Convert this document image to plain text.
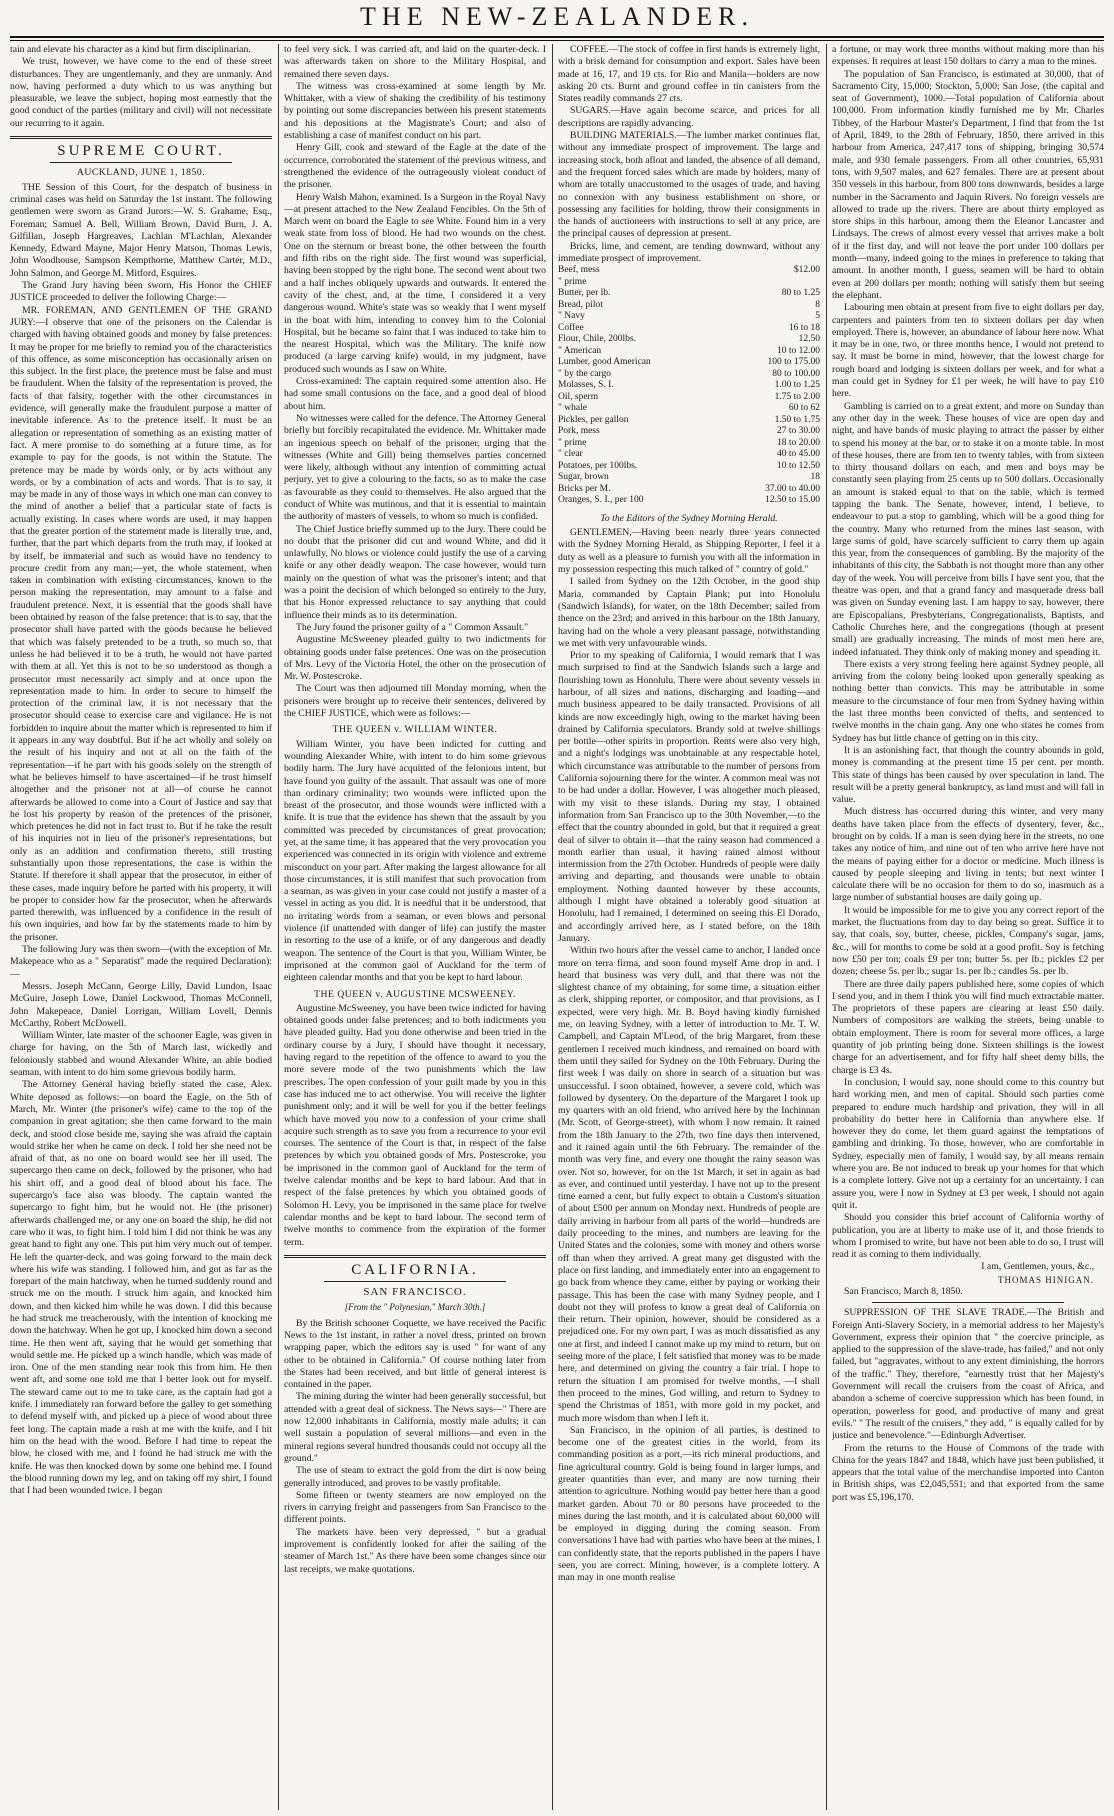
THE NEW-ZEALANDER.

tain and elevate his character as a kind but firm disciplinarian.

We trust, however, we have come to the end of these street disturbances. They are ungentlemanly, and they are unmanly. And now, having performed a duty which to us was anything but pleasurable, we leave the subject, hoping most earnestly that the good conduct of the parties (military and civil) will not necessitate our recurring to it again.

SUPREME COURT.
AUCKLAND, JUNE 1, 1850.

THE Session of this Court, for the despatch of business in criminal cases was held on Saturday the 1st instant. The following gentlemen were sworn as Grand Jurors:—W. S. Grahame, Esq., Foreman; Samuel A. Bell, William Brown, David Burn, J. A. Gilfillan, Joseph Hargreaves, Lachlan M'Lachlan, Alexander Kennedy, Edward Mayne, Major Henry Matson, Thomas Lewis, John Woodhouse, Sampson Kempthorne, Matthew Carter, M.D., John Salmon, and George M. Mitford, Esquires.

The Grand Jury having been sworn, His Honor the CHIEF JUSTICE proceeded to deliver the following Charge:—

MR. FOREMAN, AND GENTLEMEN OF THE GRAND JURY:—I observe that one of the prisoners on the Calendar is charged with having obtained goods and money by false pretences. It may be proper for me briefly to remind you of the characteristics of this offence, as some misconception has occasionally arisen on this subject. In the first place, the pretence must be false and must be fraudulent. When the falsity of the representation is proved, the facts of that falsity, together with the other circumstances in evidence, will generally make the fraudulent purpose a matter of inevitable inference. As to the pretence itself. It must be an allegation or representation of something as an existing matter of fact. A mere promise to do something at a future time, as for example to pay for the goods, is not within the Statute. The pretence may be made by words only, or by acts without any words, or by a combination of acts and words. That is to say, it may be made in any of those ways in which one man can convey to the mind of another a belief that a particular state of facts is actually existing. In cases where words are used, it may happen that the greater portion of the statement made is literally true, and, further, that the part which departs from the truth may, if looked at by itself, be immaterial and such as would have no tendency to procure credit from any man;—yet, the whole statement, when taken in combination with existing circumstances, known to the person making the representation, may amount to a false and fraudulent pretence. Next, it is essential that the goods shall have been obtained by reason of the false pretence: that is to say, that the prosecutor shall have parted with the goods because he believed that which was falsely pretended to be a truth, so much so, that unless he had believed it to be a truth, he would not have parted with them at all. Yet this is not to be so understood as though a prosecutor must necessarily act simply and at once upon the representation made to him. In order to secure to himself the protection of the criminal law, it is not necessary that the prosecutor should cease to exercise care and vigilance. He is not forbidden to inquire about the matter which is represented to him if it appears in any way doubtful. But if he act wholly and solely on the result of his inquiry and not at all on the faith of the representation—if he part with his goods solely on the strength of what he believes himself to have ascertained—if he trust himself altogether and the prisoner not at all—of course he cannot afterwards be allowed to come into a Court of Justice and say that he lost his property by reason of the pretences of the prisoner, which pretences he did not in fact trust to. But if he take the result of his inquiries not in lieu of the prisoner's representations, but only as an addition and confirmation thereto, still trusting substantially upon those representations, the case is within the Statute. If therefore it shall appear that the prosecutor, in either of these cases, made inquiry before he parted with his property, it will be proper to consider how far the prosecutor, when he afterwards parted therewith, was influenced by a confidence in the result of his own inquiries, and how far by the statements made to him by the prisoner.

The following Jury was then sworn—(with the exception of Mr. Makepeace who as a " Separatist" made the required Declaration):—

Messrs. Joseph McCann, George Lilly, David Lundon, Isaac McGuire, Joseph Lowe, Daniel Lockwood, Thomas McConnell, John Makepeace, Daniel Lorrigan, William Lovell, Dennis McCarthy, Robert McDowell.

William Winter, late master of the schooner Eagle, was given in charge for having, on the 5th of March last, wickedly and feloniously stabbed and wound Alexander White, an able bodied seaman, with intent to do him some grievous bodily harm.

The Attorney General having briefly stated the case, Alex. White deposed as follows:—on board the Eagle, on the 5th of March, Mr. Winter (the prisoner's wife) came to the top of the companion in great agitation; she then came forward to the main deck, and stood close beside me, saying she was afraid the captain would strike her when he came on deck. I told her she need not be afraid of that, as no one on board would see her ill used. The supercargo then came on deck, followed by the prisoner, who had his shirt off, and a good deal of blood about his face. The supercargo's face also was bloody. The captain wanted the supercargo to fight him, but he would not. He (the prisoner) afterwards challenged me, or any one on board the ship, he did not care who it was, to fight him. I told him I did not think he was any great hand to fight any one. This put him very much out of temper. He left the quarter-deck, and was going forward to the main deck where his wife was standing. I followed him, and got as far as the forepart of the main hatchway, when he turned suddenly round and struck me on the mouth. I struck him again, and knocked him down, and then kicked him while he was down. I did this because he had struck me treacherously, with the intention of knocking me down the hatchway. When he got up, I knocked him down a second time. He then went aft, saying that he would get something that would settle me. He picked up a winch handle, which was made of iron. One of the men standing near took this from him. He then went aft, and some one told me that I better look out for myself. The steward came out to me to take care, as the captain had got a knife. I immediately ran forward before the galley to get something to defend myself with, and picked up a piece of wood about three feet long. The captain made a rush at me with the knife, and I hit him on the head with the wood. Before I had time to repeat the blow, he closed with me, and I found he had struck me with the knife. He was then knocked down by some one behind me. I found the blood running down my leg, and on taking off my shirt, I found that I had been wounded twice. I began

to feel very sick. I was carried aft, and laid on the quarter-deck. I was afterwards taken on shore to the Military Hospital, and remained there seven days.

The witness was cross-examined at some length by Mr. Whittaker, with a view of shaking the credibility of his testimony by pointing out some discrepancies between his present statements and his depositions at the Magistrate's Court; and also of establishing a case of manifest conduct on his part.

Henry Gill, cook and steward of the Eagle at the date of the occurrence, corroborated the statement of the previous witness, and strengthened the evidence of the outrageously violent conduct of the prisoner.

Henry Walsh Mahon, examined. Is a Surgeon in the Royal Navy—at present attached to the New Zealand Fencibles. On the 5th of March went on board the Eagle to see White. Found him in a very weak state from loss of blood. He had two wounds on the chest. One on the sternum or breast bone, the other between the fourth and fifth ribs on the right side. The first wound was superficial, having been stopped by the right bone. The second went about two and a half inches obliquely upwards and outwards. It entered the cavity of the chest, and, at the time, I considered it a very dangerous wound. White's state was so weakly that I went myself in the boat with him, intending to convey him to the Colonial Hospital, but he became so faint that I was induced to take him to the nearest Hospital, which was the Military. The knife now produced (a large carving knife) would, in my judgment, have produced such wounds as I saw on White.

Cross-examined: The captain required some attention also. He had some small contusions on the face, and a good deal of blood about him.

No witnesses were called for the defence. The Attorney General briefly but forcibly recapitulated the evidence. Mr. Whittaker made an ingenious speech on behalf of the prisoner, urging that the witnesses (White and Gill) being themselves parties concerned were likely, although without any intention of committing actual perjury, yet to give a colouring to the facts, so as to make the case as favourable as they could to themselves. He also argued that the conduct of White was mutinous, and that it is essential to maintain the authority of masters of vessels, to whom so much is confided.

The Chief Justice briefly summed up to the Jury. There could be no doubt that the prisoner did cut and wound White, and did it unlawfully. No blows or violence could justify the use of a carving knife or any other deadly weapon. The case however, would turn mainly on the question of what was the prisoner's intent; and that was a point the decision of which belonged so entirely to the Jury, that his Honor expressed reluctance to say anything that could influence their minds as to its determination.

The Jury found the prisoner guilty of a " Common Assault."

Augustine McSweeney pleaded guilty to two indictments for obtaining goods under false pretences. One was on the prosecution of Mrs. Levy of the Victoria Hotel, the other on the prosecution of Mr. W. Postescroke.

The Court was then adjourned till Monday morning, when the prisoners were brought up to receive their sentences, delivered by the CHIEF JUSTICE, which were as follows:—

THE QUEEN v. WILLIAM WINTER.

William Winter, you have been indicted for cutting and wounding Alexander White, with intent to do him some grievous bodily harm. The Jury have acquitted of the felonious intent, but have found you guilty of the assault. That assault was one of more than ordinary criminality; two wounds were inflicted upon the breast of the prosecutor, and those wounds were inflicted with a knife. It is true that the evidence has shewn that the assault by you committed was preceded by circumstances of great provocation; yet, at the same time, it has appeared that the very provocation you experienced was connected in its origin with violence and extreme misconduct on your part. After making the largest allowance for all those circumstances, it is still manifest that such provocation from a seaman, as was given in your case could not justify a master of a vessel in acting as you did. It is needful that it be understood, that no irritating words from a seaman, or even blows and personal violence (if unattended with danger of life) can justify the master in resorting to the use of a knife, or of any dangerous and deadly weapon. The sentence of the Court is that you, William Winter, be imprisoned at the common gaol of Auckland for the term of eighteen calendar months and that you be kept to hard labour.

THE QUEEN v. AUGUSTINE MCSWEENEY.

Augustine McSweeney, you have been twice indicted for having obtained goods under false pretences; and to both indictments you have pleaded guilty. Had you done otherwise and been tried in the ordinary course by a Jury, I should have thought it necessary, having regard to the repetition of the offence to award to you the more severe mode of the two punishments which the law prescribes. The open confession of your guilt made by you in this case has induced me to act otherwise. You will receive the lighter punishment only; and it will be well for you if the better feelings which have moved you now to a confession of your crime shall acquire such strength as to save you from a recurrence to your evil courses. The sentence of the Court is that, in respect of the false pretences by which you obtained goods of Mrs. Postescroke, you be imprisoned in the common gaol of Auckland for the term of twelve calendar months and be kept to hard labour. And that in respect of the false pretences by which you obtained goods of Solomon H. Levy, you be imprisoned in the same place for twelve calendar months and be kept to hard labour. The second term of twelve months to commence from the expiration of the former term.

CALIFORNIA.
SAN FRANCISCO.
[From the " Polynesian," March 30th.]

By the British schooner Coquette, we have received the Pacific News to the 1st instant, in rather a novel dress, printed on brown wrapping paper, which the editors say is used " for want of any other to be obtained in California." Of course nothing later from the States had been received, and but little of general interest is contained in the paper.

The mining during the winter had been generally successful, but attended with a great deal of sickness. The News says—" There are now 12,000 inhabitants in California, mostly male adults; it can well sustain a population of several millions—and even in the mineral regions several hundred thousands could not occupy all the ground."

The use of steam to extract the gold from the dirt is now being generally introduced, and proves to be vastly profitable.

Some fifteen or twenty steamers are now employed on the rivers in carrying freight and passengers from San Francisco to the different points.

The markets have been very depressed, " but a gradual improvement is confidently looked for after the sailing of the steamer of March 1st." As there have been some changes since our last receipts, we make quotations.

COFFEE.—The stock of coffee in first hands is extremely light, with a brisk demand for consumption and export. Sales have been made at 16, 17, and 19 cts. for Rio and Manila—holders are now asking 20 cts. Burnt and ground coffee in tin canisters from the States readily commands 27 cts.

SUGARS.—Have again become scarce, and prices for all descriptions are rapidly advancing.

BUILDING MATERIALS.—The lumber market continues flat, without any immediate prospect of improvement. The large and increasing stock, both afloat and landed, the absence of all demand, and the frequent forced sales which are made by holders, many of whom are totally unaccustomed to the usages of trade, and having no connexion with any business establishment on shore, or possessing any facilities for holding, throw their consignments in the hands of auctioneers with instructions to sell at any price, are the principal causes of depression at present.

Bricks, lime, and cement, are tending downward, without any immediate prospect of improvement.

Beef, mess	$12.00
" prime	
Butter, per lb.	80 to 1.25
Bread, pilot	8
" Navy	5
Coffee	16 to 18
Flour, Chile, 200lbs.	12.50
" American	10 to 12.00
Lumber, good American	100 to 175.00
" by the cargo	80 to 100.00
Molasses, S. I.	1.00 to 1.25
Oil, sperm	1.75 to 2.00
" whale	60 to 62
Pickles, per gallon	1.50 to 1.75
Pork, mess	27 to 30.00
" prime	18 to 20.00
" clear	40 to 45.00
Potatoes, per 100lbs.	10 to 12.50
Sugar, brown	18
Bricks per M.	37.00 to 40.00
Oranges, S. I., per 100	12.50 to 15.00
To the Editors of the Sydney Morning Herald.

GENTLEMEN,—Having been nearly three years connected with the Sydney Morning Herald, as Shipping Reporter, I feel it a duty as well as a pleasure to furnish you with all the information in my possession respecting this much talked of " country of gold."

I sailed from Sydney on the 12th October, in the good ship Maria, commanded by Captain Plank; put into Honolulu (Sandwich Islands), for water, on the 18th December; sailed from thence on the 23rd; and arrived in this harbour on the 18th January, having had on the whole a very pleasant passage, notwithstanding we met with very unfavourable winds.

Prior to my speaking of California, I would remark that I was much surprised to find at the Sandwich Islands such a large and flourishing town as Honolulu. There were about seventy vessels in harbour, of all sizes and nations, discharging and loading—and much business appeared to be daily transacted. Provisions of all kinds are now exceedingly high, owing to the market having been drained by California speculators. Brandy sold at twelve shillings per bottle—other spirits in proportion. Rents were also very high, and a night's lodgings was unobtainable at any respectable hotel, which circumstance was attributable to the number of persons from California sojourning there for the winter. A common meal was not to be had under a dollar. However, I was altogether much pleased, with my visit to these islands. During my stay, I obtained information from San Francisco up to the 30th November,—to the effect that the country abounded in gold, but that it required a great deal of silver to obtain it—that the rainy season had commenced a month earlier than usual, it having rained almost without intermission from the 27th October. Hundreds of people were daily arriving and departing, and thousands were unable to obtain employment. Nothing daunted however by these accounts, although I might have obtained a tolerably good situation at Honolulu, had I remained, I determined on seeing this El Dorado, and accordingly arrived here, as I stated before, on the 18th January.

Within two hours after the vessel came to anchor, I landed once more on terra firma, and soon found myself Ame drop in and. I heard that business was very dull, and that there was not the slightest chance of my obtaining, for some time, a situation either as clerk, shipping reporter, or compositor, and that provisions, as I expected, were very high. Mr. B. Boyd having kindly furnished me, on leaving Sydney, with a letter of introduction to Mr. T. W. Campbell, and Captain M'Leod, of the brig Margaret, from these gentlemen I received much kindness, and remained on board with them until they sailed for Sydney on the 10th February. During the first week I was daily on shore in search of a situation but was unsuccessful. I soon obtained, however, a severe cold, which was followed by dysentery. On the departure of the Margaret I took up my quarters with an old friend, who arrived here by the Inchinnan (Mr. Scott, of George-street), with whom I now remain. It rained from the 18th January to the 27th, two fine days then intervened, and it rained again until the 6th February. The remainder of the month was very fine, and every one thought the rainy season was over. Not so, however, for on the 1st March, it set in again as bad as ever, and continued until yesterday. I have not up to the present time earned a cent, but fully expect to obtain a Custom's situation of about £500 per annum on Monday next. Hundreds of people are daily arriving in harbour from all parts of the world—hundreds are daily proceeding to the mines, and numbers are leaving for the United States and the colonies, some with money and others worse off than when they arrived. A great many get disgusted with the place on first landing, and immediately enter into an engagement to go back from whence they came, either by paying or working their passage. This has been the case with many Sydney people, and I doubt not they will profess to know a great deal of California on their return. Their opinion, however, should be considered as a prejudiced one. For my own part, I was as much dissatisfied as any one at first, and indeed I cannot make up my mind to return, but on seeing more of the place, I felt satisfied that money was to be made here, and determined on giving the country a fair trial. I hope to return the situation I am promised for twelve months, —I shall then proceed to the mines, God willing, and return to Sydney to spend the Christmas of 1851, with more gold in my pocket, and much more wisdom than when I left it.

San Francisco, in the opinion of all parties, is destined to become one of the greatest cities in the world, from its commanding position as a port,—its rich mineral productions, and fine agricultural country. Gold is being found in larger lumps, and greater quantities than ever, and many are now turning their attention to agriculture. Nothing would pay better here than a good market garden. About 70 or 80 persons have proceeded to the mines during the last month, and it is calculated about 60,000 will be employed in digging during the coming season. From conversations I have had with parties who have been at the mines, I can confidently state, that the reports published in the papers I have seen, you are correct. Mining, however, is a complete lottery. A man may in one month realise

a fortune, or may work three months without making more than his expenses. It requires at least 150 dollars to carry a man to the mines.

The population of San Francisco, is estimated at 30,000, that of Sacramento City, 15,000; Stockton, 5,000; San Jose, (the capital and seat of Government), 1000.—Total population of California about 100,000. From information kindly furnished me by Mr. Charles Tibbey, of the Harbour Master's Department, I find that from the 1st of April, 1849, to the 28th of February, 1850, there arrived in this harbour from America, 247,417 tons of shipping, bringing 30,574 male, and 930 female passengers. From all other countries, 65,931 tons, with 9,507 males, and 627 females. There are at present about 350 vessels in this harbour, from 800 tons downwards, besides a large number in the Sacramento and Jaquin Rivers. No foreign vessels are allowed to trade up the rivers. There are about thirty employed as store ships in this harbour, among them the Eleanor Lancaster and Lindsays. The crews of almost every vessel that arrives make a bolt of it the first day, and will not leave the port under 100 dollars per month—many, indeed going to the mines in preference to taking that amount. In another month, I guess, seamen will be hard to obtain even at 200 dollars per month; nothing will satisfy them but seeing the elephant.

Labouring men obtain at present from five to eight dollars per day, carpenters and painters from ten to sixteen dollars per day when employed. There is, however, an abundance of labour here now. What it may be in one, two, or three months hence, I would not pretend to say. It must be borne in mind, however, that the lowest charge for rough board and lodging is sixteen dollars per week, and for what a man could get in Sydney for £1 per week, he will have to pay £10 here.

Gambling is carried on to a great extent, and more on Sunday than any other day in the week. These houses of vice are open day and night, and have bands of music playing to attract the passer by either to spend his money at the bar, or to stake it on a monte table. In most of these houses, there are from ten to twenty tables, with from sixteen to thirty thousand dollars on each, and men and boys may be constantly seen playing from 25 cents up to 500 dollars. Occasionally an amount is staked equal to that on the table, which is termed tapping the bank. The Senate, however, intend, I believe, to endeavour to put a stop to gambling, which will be a good thing for the country. Many who returned from the mines last season, with large sums of gold, have scarcely sufficient to carry them up again this year, from the consequences of gambling. By the majority of the inhabitants of this city, the Sabbath is not thought more than any other day of the week. You will perceive from bills I have sent you, that the theatre was open, and that a grand fancy and masquerade dress ball was given on Sunday evening last. I am happy to say, however, there are Episcopalians, Presbyterians, Congregationalists, Baptists, and Catholic Churches here, and the congregations (though at present small) are gradually increasing. The minds of most men here are, indeed infatuated. They think only of making money and spending it.

There exists a very strong feeling here against Sydney people, all arriving from the colony being looked upon generally speaking as nothing better than convicts. This may be attributable in some measure to the circumstance of four men from Sydney having within the last three months been convicted of thefts, and sentenced to twelve months in the chain gang. Any one who states he comes from Sydney has but little chance of getting on in this city.

It is an astonishing fact, that though the country abounds in gold, money is commanding at the present time 15 per cent. per month. This state of things has been caused by over speculation in land. The result will be a pretty general bankruptcy, as land must and will fall in value.

Much distress has occurred during this winter, and very many deaths have taken place from the effects of dysentery, fever, &c., brought on by colds. If a man is seen dying here in the streets, no one takes any notice of him, and nine out of ten who arrive here have not the means of paying either for a doctor or medicine. Much illness is caused by people sleeping and living in tents; but next winter I calculate there will be no occasion for them to do so, inasmuch as a large number of substantial houses are daily going up.

It would be impossible for me to give you any correct report of the market, the fluctuations from day to day being so great. Suffice it to say, that coals, soy, butter, cheese, pickles, Company's sugar, jams, &c., will for months to come be sold at a good profit. Soy is fetching now £50 per ton; coals £9 per ton; butter 5s. per lb.; pickles £2 per dozen; cheese 5s. per lb.; sugar 1s. per lb.; candles 5s. per lb.

There are three daily papers published here, some copies of which I send you, and in them I think you will find much extractable matter. The proprietors of these papers are clearing at least £50 daily. Numbers of compositors are walking the streets, being unable to obtain employment. There is room for several more offices, a large quantity of job printing being done. Sixteen shillings is the lowest charge for an advertisement, and for fifty half sheet demy bills, the charge is £3 4s.

In conclusion, I would say, none should come to this country but hard working men, and men of capital. Should such parties come prepared to endure much hardship and privation, they will in all probability do better here in California than anywhere else. If however they do come, let them guard against the temptations of gambling and drinking. To those, however, who are comfortable in Sydney, especially men of family, I would say, by all means remain where you are. Be not induced to break up your homes for that which is a complete lottery. Give not up a certainty for an uncertainty. I can assure you, were I now in Sydney at £3 per week, I should not again quit it.

Should you consider this brief account of California worthy of publication, you are at liberty to make use of it, and those friends to whom I promised to write, but have not been able to do so, I trust will read it as coming to them individually.

I am, Gentlemen, yours, &c.,
THOMAS HINIGAN.

San Francisco, March 8, 1850.

SUPPRESSION OF THE SLAVE TRADE.—The British and Foreign Anti-Slavery Society, in a memorial address to her Majesty's Government, express their opinion that " the coercive principle, as applied to the suppression of the slave-trade, has failed," and not only failed, but "aggravates, without to any extent diminishing, the horrors of the traffic." They, therefore, "earnestly trust that her Majesty's Government will recall the cruisers from the coast of Africa, and abandon a scheme of coercive suppression which has been found, in operation, powerless for good, and productive of many and great evils." " The result of the cruisers," they add, " is equally called for by justice and benevolence."—Edinburgh Advertiser.

From the returns to the House of Commons of the trade with China for the years 1847 and 1848, which have just been published, it appears that the total value of the merchandise imported into Canton in British ships, was £2,045,551; and that exported from the same port was £5,196,170.
